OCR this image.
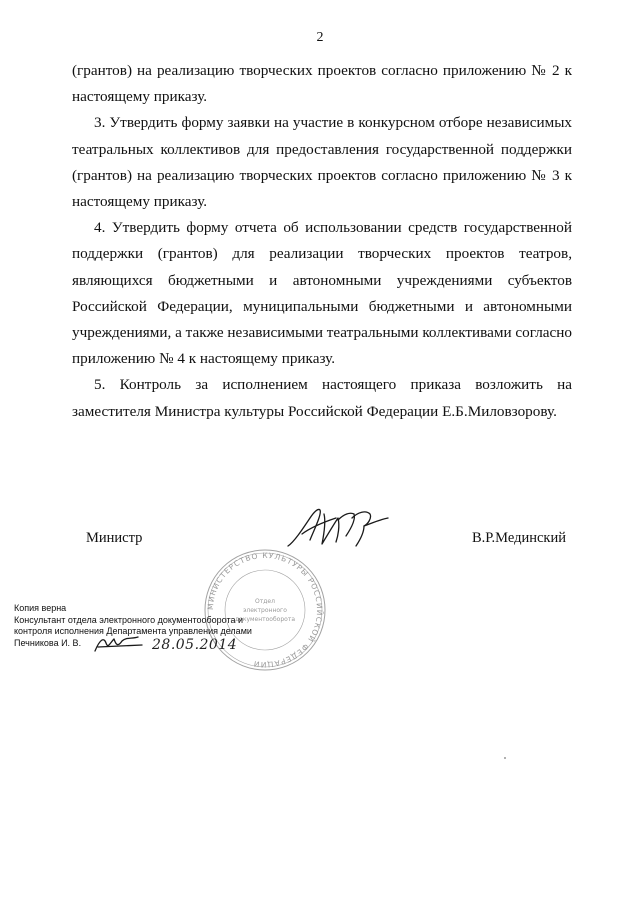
2

(грантов) на реализацию творческих проектов согласно приложению № 2 к настоящему приказу.

3. Утвердить форму заявки на участие в конкурсном отборе независимых театральных коллективов для предоставления государственной поддержки (грантов) на реализацию творческих проектов согласно приложению № 3 к настоящему приказу.

4. Утвердить форму отчета об использовании средств государственной поддержки (грантов) для реализации творческих проектов театров, являющихся бюджетными и автономными учреждениями субъектов Российской Федерации, муниципальными бюджетными и автономными учреждениями, а также независимыми театральными коллективами согласно приложению № 4 к настоящему приказу.

5. Контроль за исполнением настоящего приказа возложить на заместителя Министра культуры Российской Федерации Е.Б.Миловзорову.

Министр	В.Р.Мединский
МИНИСТЕРСТВО КУЛЬТУРЫ РОССИЙСКОЙ ФЕДЕРАЦИИ
Отдел
электронного
документооборота
Копия верна
Консультант отдела электронного документооборота и
контроля исполнения Департамента управления делами
Печникова И. В.	28.05.2014
